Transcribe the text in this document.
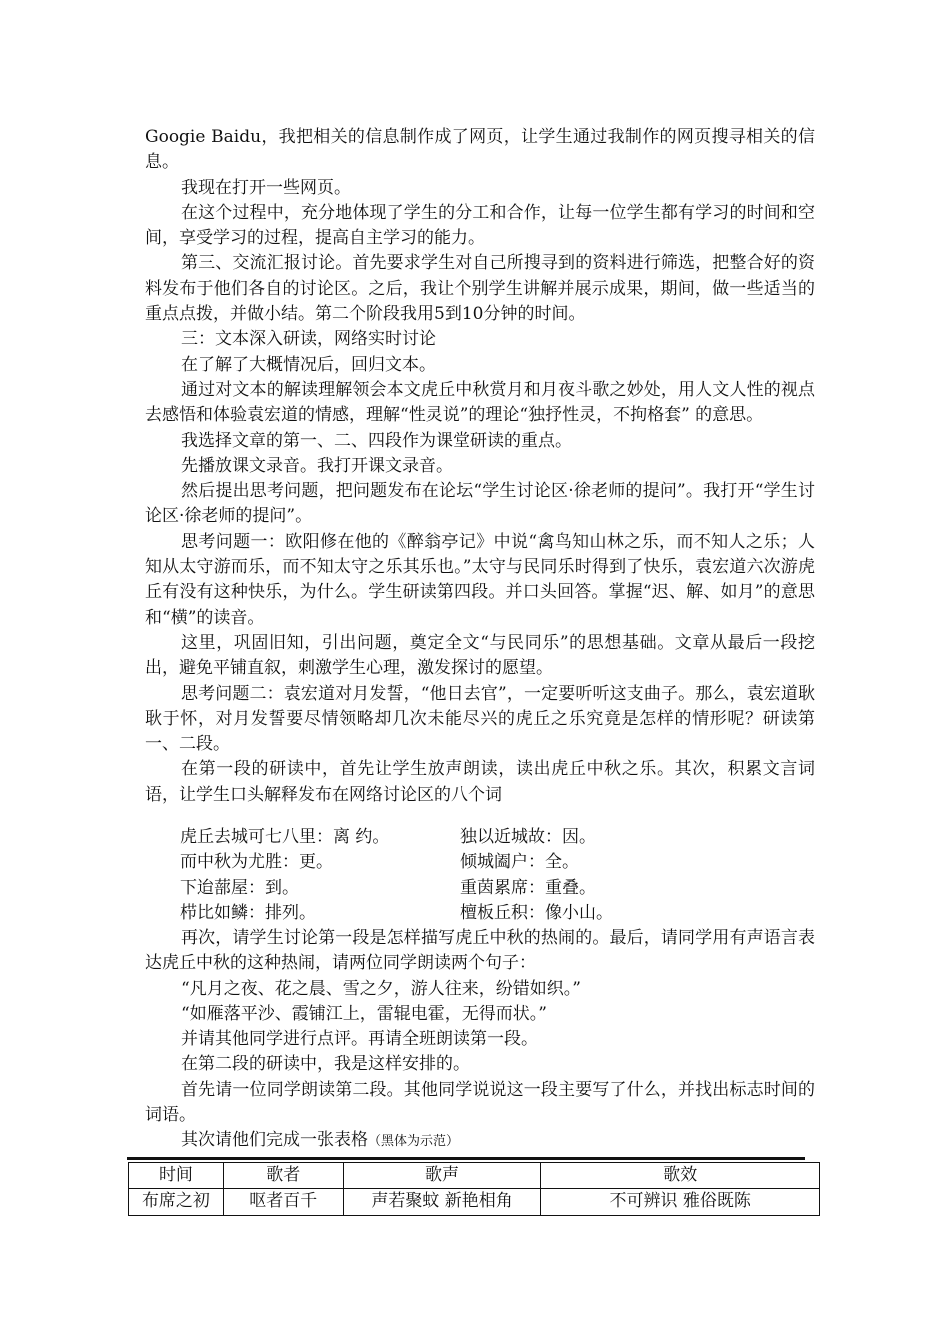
Googie Baidu，我把相关的信息制作成了网页，让学生通过我制作的网页搜寻相关的信息。

我现在打开一些网页。

在这个过程中，充分地体现了学生的分工和合作，让每一位学生都有学习的时间和空间，享受学习的过程，提高自主学习的能力。

第三、交流汇报讨论。首先要求学生对自己所搜寻到的资料进行筛选，把整合好的资料发布于他们各自的讨论区。之后，我让个别学生讲解并展示成果，期间，做一些适当的重点点拨，并做小结。第二个阶段我用5到10分钟的时间。

三：文本深入研读，网络实时讨论

在了解了大概情况后，回归文本。

通过对文本的解读理解领会本文虎丘中秋赏月和月夜斗歌之妙处，用人文人性的视点去感悟和体验袁宏道的情感，理解“性灵说”的理论“独抒性灵，不拘格套” 的意思。

我选择文章的第一、二、四段作为课堂研读的重点。

先播放课文录音。我打开课文录音。

然后提出思考问题，把问题发布在论坛“学生讨论区·徐老师的提问”。我打开“学生讨论区·徐老师的提问”。

思考问题一：欧阳修在他的《醉翁亭记》中说“禽鸟知山林之乐，而不知人之乐；人知从太守游而乐，而不知太守之乐其乐也。”太守与民同乐时得到了快乐，袁宏道六次游虎丘有没有这种快乐，为什么。学生研读第四段。并口头回答。掌握“迟、解、如月”的意思和“横”的读音。

这里，巩固旧知，引出问题，奠定全文“与民同乐”的思想基础。文章从最后一段挖出，避免平铺直叙，刺激学生心理，激发探讨的愿望。

思考问题二：袁宏道对月发誓，“他日去官”，一定要听听这支曲子。那么，袁宏道耿耿于怀，对月发誓要尽情领略却几次未能尽兴的虎丘之乐究竟是怎样的情形呢？研读第一、二段。

在第一段的研读中，首先让学生放声朗读，读出虎丘中秋之乐。其次，积累文言词语，让学生口头解释发布在网络讨论区的八个词

虎丘去城可七八里：离 约。	独以近城故：因。
而中秋为尤胜：更。	倾城阖户：全。
下迨蔀屋：到。	重茵累席：重叠。
栉比如鳞：排列。	檀板丘积：像小山。

再次，请学生讨论第一段是怎样描写虎丘中秋的热闹的。最后，请同学用有声语言表达虎丘中秋的这种热闹，请两位同学朗读两个句子：

“凡月之夜、花之晨、雪之夕，游人往来，纷错如织。”

“如雁落平沙、霞铺江上，雷辊电霍，无得而状。”

并请其他同学进行点评。再请全班朗读第一段。

在第二段的研读中，我是这样安排的。

首先请一位同学朗读第二段。其他同学说说这一段主要写了什么，并找出标志时间的词语。

其次请他们完成一张表格（黑体为示范）

时间	歌者	歌声	歌效
布席之初	呕者百千	声若聚蚊 新艳相角	不可辨识 雅俗既陈
